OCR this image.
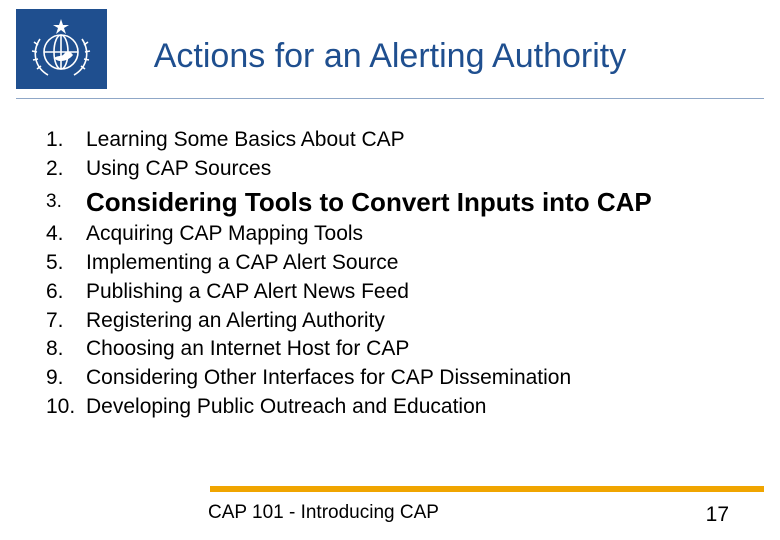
Actions for an Alerting Authority
1.	Learning Some Basics About CAP
2.	Using CAP Sources
3. Considering Tools to Convert Inputs into CAP
4.	Acquiring CAP Mapping Tools
5.	Implementing a CAP Alert Source
6.	Publishing a CAP Alert News Feed
7.	Registering an Alerting Authority
8.	Choosing an Internet Host for CAP
9.	Considering Other Interfaces for CAP Dissemination
10. Developing Public Outreach and Education
CAP 101 - Introducing CAP	17
